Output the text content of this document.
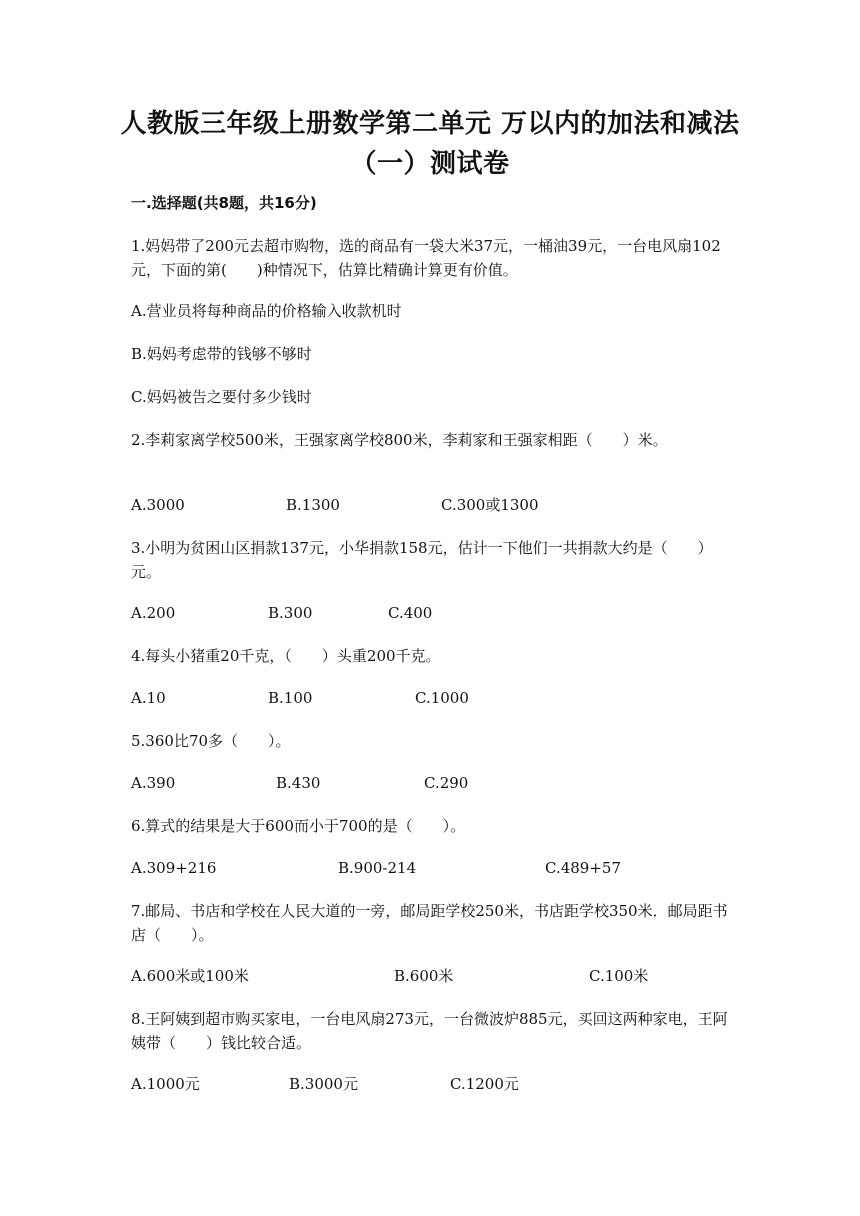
人教版三年级上册数学第二单元 万以内的加法和减法（一）测试卷
一.选择题(共8题，共16分)
1.妈妈带了200元去超市购物，选的商品有一袋大米37元，一桶油39元，一台电风扇102元，下面的第(　　)种情况下，估算比精确计算更有价值。
A.营业员将每种商品的价格输入收款机时
B.妈妈考虑带的钱够不够时
C.妈妈被告之要付多少钱时
2.李莉家离学校500米，王强家离学校800米，李莉家和王强家相距（　　）米。
A.3000	B.1300	C.300或1300
3.小明为贫困山区捐款137元，小华捐款158元，估计一下他们一共捐款大约是（　　）元。
A.200	B.300	C.400
4.每头小猪重20千克，（　　）头重200千克。
A.10	B.100	C.1000
5.360比70多（　　）。
A.390	B.430	C.290
6.算式的结果是大于600而小于700的是（　　）。
A.309+216	B.900-214	C.489+57
7.邮局、书店和学校在人民大道的一旁，邮局距学校250米，书店距学校350米．邮局距书店（　　）。
A.600米或100米	B.600米	C.100米
8.王阿姨到超市购买家电，一台电风扇273元，一台微波炉885元，买回这两种家电，王阿姨带（　　）钱比较合适。
A.1000元	B.3000元	C.1200元
